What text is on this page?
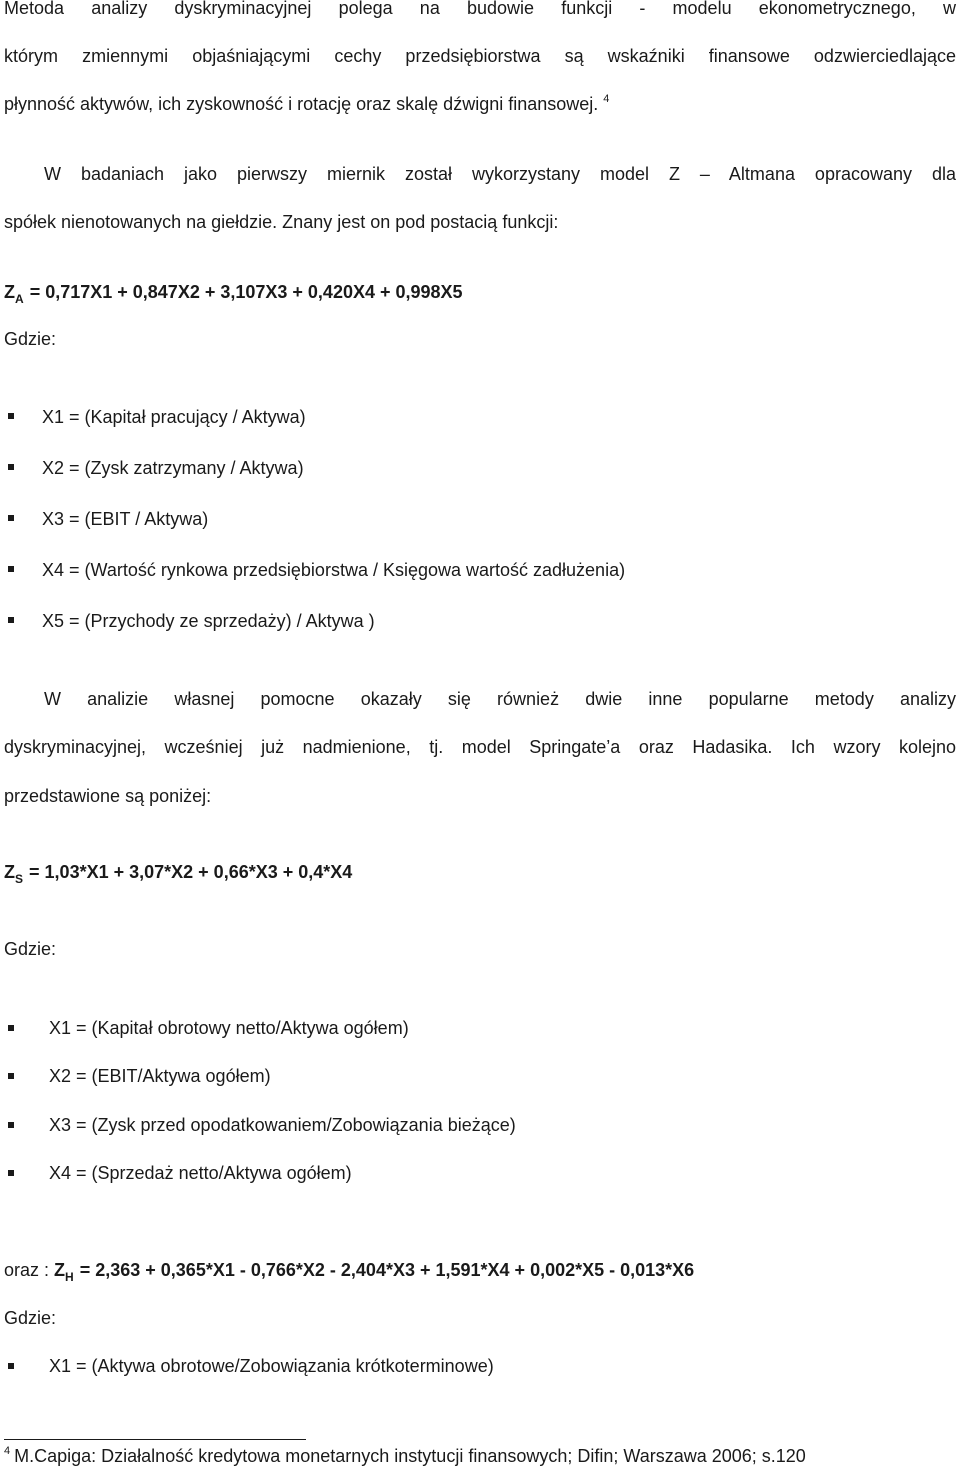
Metoda analizy dyskryminacyjnej polega na budowie funkcji - modelu ekonometrycznego, w
którym zmiennymi objaśniającymi cechy przedsiębiorstwa są wskaźniki finansowe odzwierciedlające
płynność aktywów, ich zyskowność i rotację oraz skalę dźwigni finansowej. $^4$
W badaniach jako pierwszy miernik został wykorzystany model Z – Altmana opracowany dla
spółek nienotowanych na giełdzie. Znany jest on pod postacią funkcji:
$Z_A = 0,717X1 + 0,847X2 + 3,107X3 + 0,420X4 + 0,998X5$
Gdzie:
X1 = (Kapitał pracujący / Aktywa)
X2 = (Zysk zatrzymany / Aktywa)
X3 = (EBIT / Aktywa)
X4 = (Wartość rynkowa przedsiębiorstwa / Księgowa wartość zadłużenia)
X5 = (Przychody ze sprzedaży) / Aktywa )
W analizie własnej pomocne okazały się również dwie inne popularne metody analizy
dyskryminacyjnej, wcześniej już nadmienione, tj. model Springate’a oraz Hadasika. Ich wzory kolejno
przedstawione są poniżej:
$Z_S = 1,03*X1 + 3,07*X2 + 0,66*X3 + 0,4*X4$
Gdzie:
X1 = (Kapitał obrotowy netto/Aktywa ogółem)
X2 = (EBIT/Aktywa ogółem)
X3 = (Zysk przed opodatkowaniem/Zobowiązania bieżące)
X4 = (Sprzedaż netto/Aktywa ogółem)
oraz : $Z_H = 2,363 + 0,365*X1 - 0,766*X2 - 2,404*X3 + 1,591*X4 + 0,002*X5 - 0,013*X6$
Gdzie:
X1 = (Aktywa obrotowe/Zobowiązania krótkoterminowe)
$^4$ M.Capiga: Działalność kredytowa monetarnych instytucji finansowych; Difin; Warszawa 2006; s.120
